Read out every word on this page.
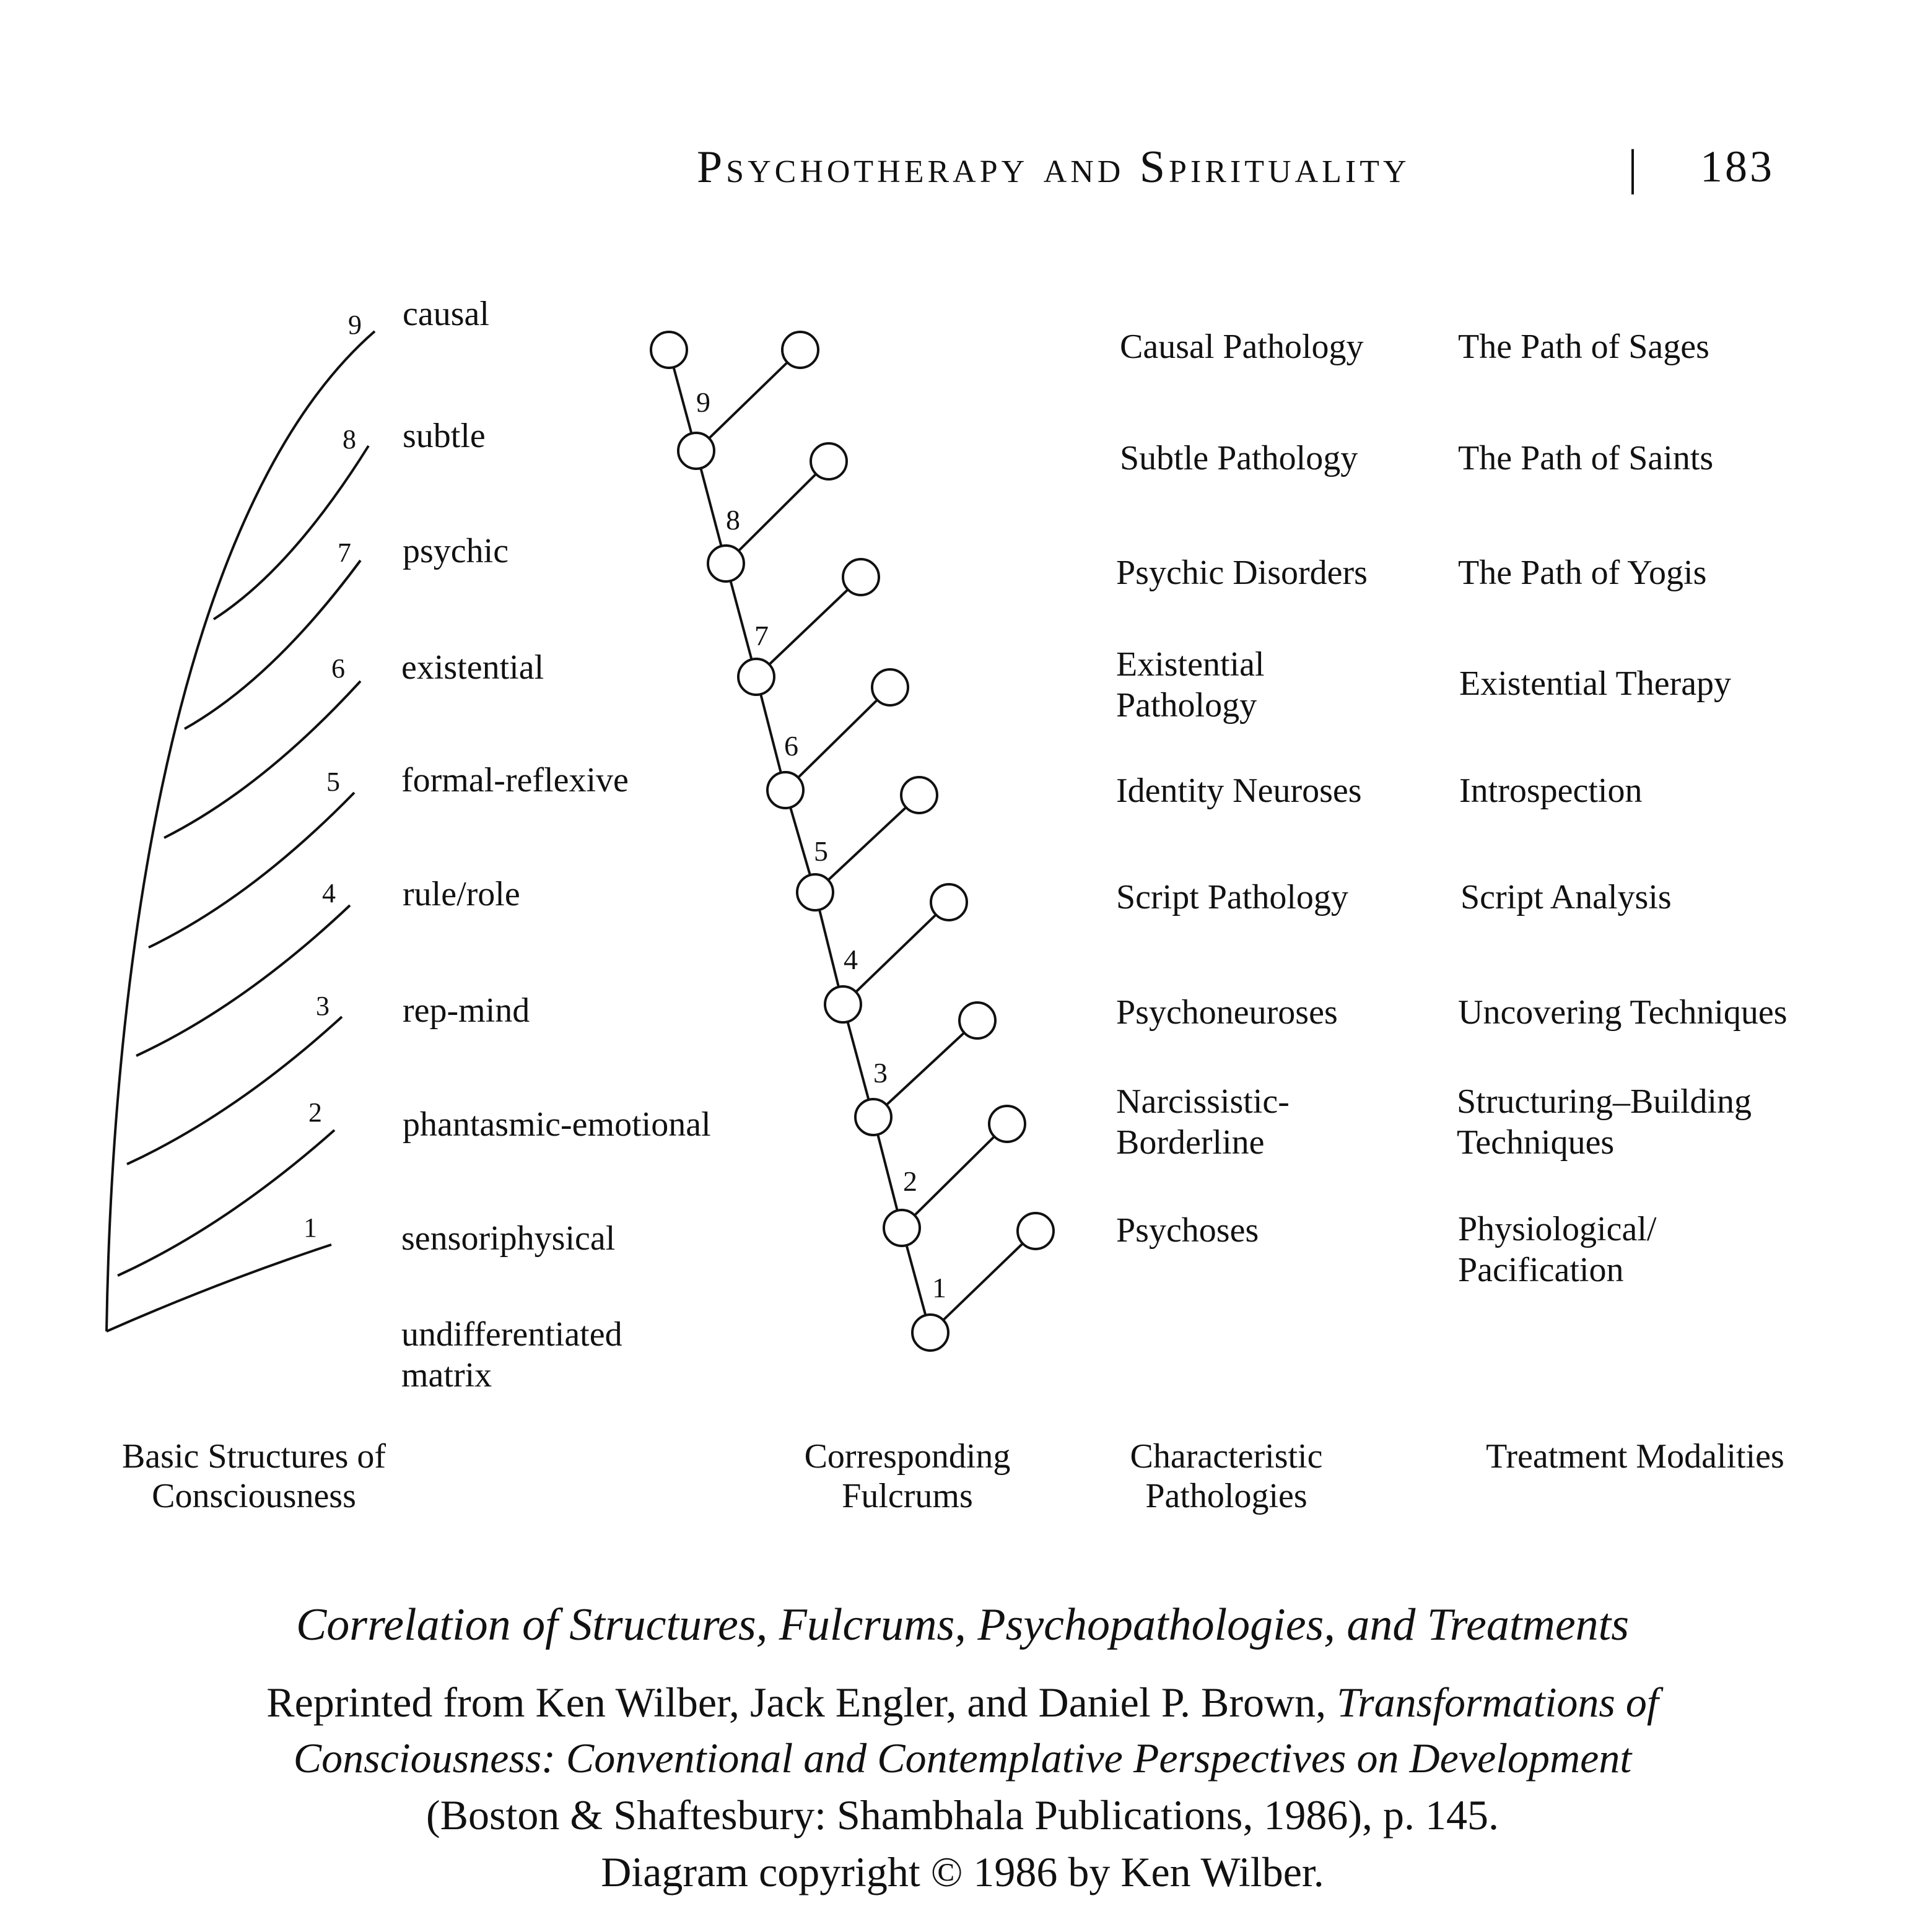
Psychotherapy and Spirituality	| 183
9
8
7
6
5
4
3
2
1
9 causal
8 subtle
7 psychic
6 existential
5 formal-reflexive
4 rule/role
3 rep-mind
2 phantasmic-emotional
1 sensoriphysical
undifferentiated matrix
Causal Pathology
Subtle Pathology
Psychic Disorders
Existential Pathology
Identity Neuroses
Script Pathology
Psychoneuroses
Narcissistic-Borderline
Psychoses
The Path of Sages
The Path of Saints
The Path of Yogis
Existential Therapy
Introspection
Script Analysis
Uncovering Techniques
Structuring–Building Techniques
Physiological/ Pacification
Basic Structures of Consciousness
Corresponding Fulcrums
Characteristic Pathologies
Treatment Modalities
Correlation of Structures, Fulcrums, Psychopathologies, and Treatments
Reprinted from Ken Wilber, Jack Engler, and Daniel P. Brown, Transformations of
Consciousness: Conventional and Contemplative Perspectives on Development
(Boston & Shaftesbury: Shambhala Publications, 1986), p. 145.
Diagram copyright © 1986 by Ken Wilber.
